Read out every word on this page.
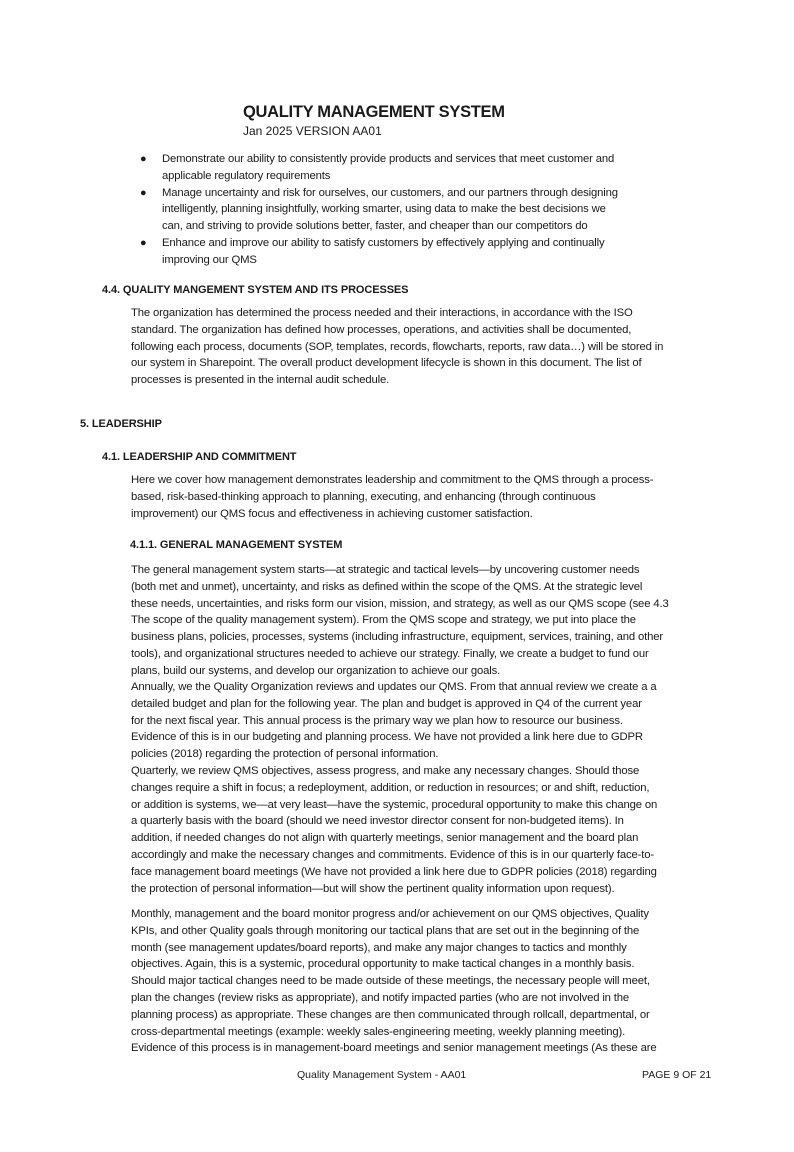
QUALITY MANAGEMENT SYSTEM
Jan 2025 VERSION AA01
● Demonstrate our ability to consistently provide products and services that meet customer and
applicable regulatory requirements
● Manage uncertainty and risk for ourselves, our customers, and our partners through designing
intelligently, planning insightfully, working smarter, using data to make the best decisions we
can, and striving to provide solutions better, faster, and cheaper than our competitors do
● Enhance and improve our ability to satisfy customers by effectively applying and continually
improving our QMS
4.4. QUALITY MANGEMENT SYSTEM AND ITS PROCESSES
The organization has determined the process needed and their interactions, in accordance with the ISO
standard. The organization has defined how processes, operations, and activities shall be documented,
following each process, documents (SOP, templates, records, flowcharts, reports, raw data…) will be stored in
our system in Sharepoint. The overall product development lifecycle is shown in this document. The list of
processes is presented in the internal audit schedule.
5. LEADERSHIP
4.1. LEADERSHIP AND COMMITMENT
Here we cover how management demonstrates leadership and commitment to the QMS through a process-
based, risk-based-thinking approach to planning, executing, and enhancing (through continuous
improvement) our QMS focus and effectiveness in achieving customer satisfaction.
4.1.1. GENERAL MANAGEMENT SYSTEM
The general management system starts—at strategic and tactical levels—by uncovering customer needs
(both met and unmet), uncertainty, and risks as defined within the scope of the QMS. At the strategic level
these needs, uncertainties, and risks form our vision, mission, and strategy, as well as our QMS scope (see 4.3
The scope of the quality management system). From the QMS scope and strategy, we put into place the
business plans, policies, processes, systems (including infrastructure, equipment, services, training, and other
tools), and organizational structures needed to achieve our strategy. Finally, we create a budget to fund our
plans, build our systems, and develop our organization to achieve our goals.
Annually, we the Quality Organization reviews and updates our QMS. From that annual review we create a a
detailed budget and plan for the following year. The plan and budget is approved in Q4 of the current year
for the next fiscal year. This annual process is the primary way we plan how to resource our business.
Evidence of this is in our budgeting and planning process. We have not provided a link here due to GDPR
policies (2018) regarding the protection of personal information.
Quarterly, we review QMS objectives, assess progress, and make any necessary changes. Should those
changes require a shift in focus; a redeployment, addition, or reduction in resources; or and shift, reduction,
or addition is systems, we—at very least—have the systemic, procedural opportunity to make this change on
a quarterly basis with the board (should we need investor director consent for non-budgeted items). In
addition, if needed changes do not align with quarterly meetings, senior management and the board plan
accordingly and make the necessary changes and commitments. Evidence of this is in our quarterly face-to-
face management board meetings (We have not provided a link here due to GDPR policies (2018) regarding
the protection of personal information—but will show the pertinent quality information upon request).
Monthly, management and the board monitor progress and/or achievement on our QMS objectives, Quality
KPIs, and other Quality goals through monitoring our tactical plans that are set out in the beginning of the
month (see management updates/board reports), and make any major changes to tactics and monthly
objectives. Again, this is a systemic, procedural opportunity to make tactical changes in a monthly basis.
Should major tactical changes need to be made outside of these meetings, the necessary people will meet,
plan the changes (review risks as appropriate), and notify impacted parties (who are not involved in the
planning process) as appropriate. These changes are then communicated through rollcall, departmental, or
cross-departmental meetings (example: weekly sales-engineering meeting, weekly planning meeting).
Evidence of this process is in management-board meetings and senior management meetings (As these are
Quality Management System - AA01	PAGE 9 OF 21
